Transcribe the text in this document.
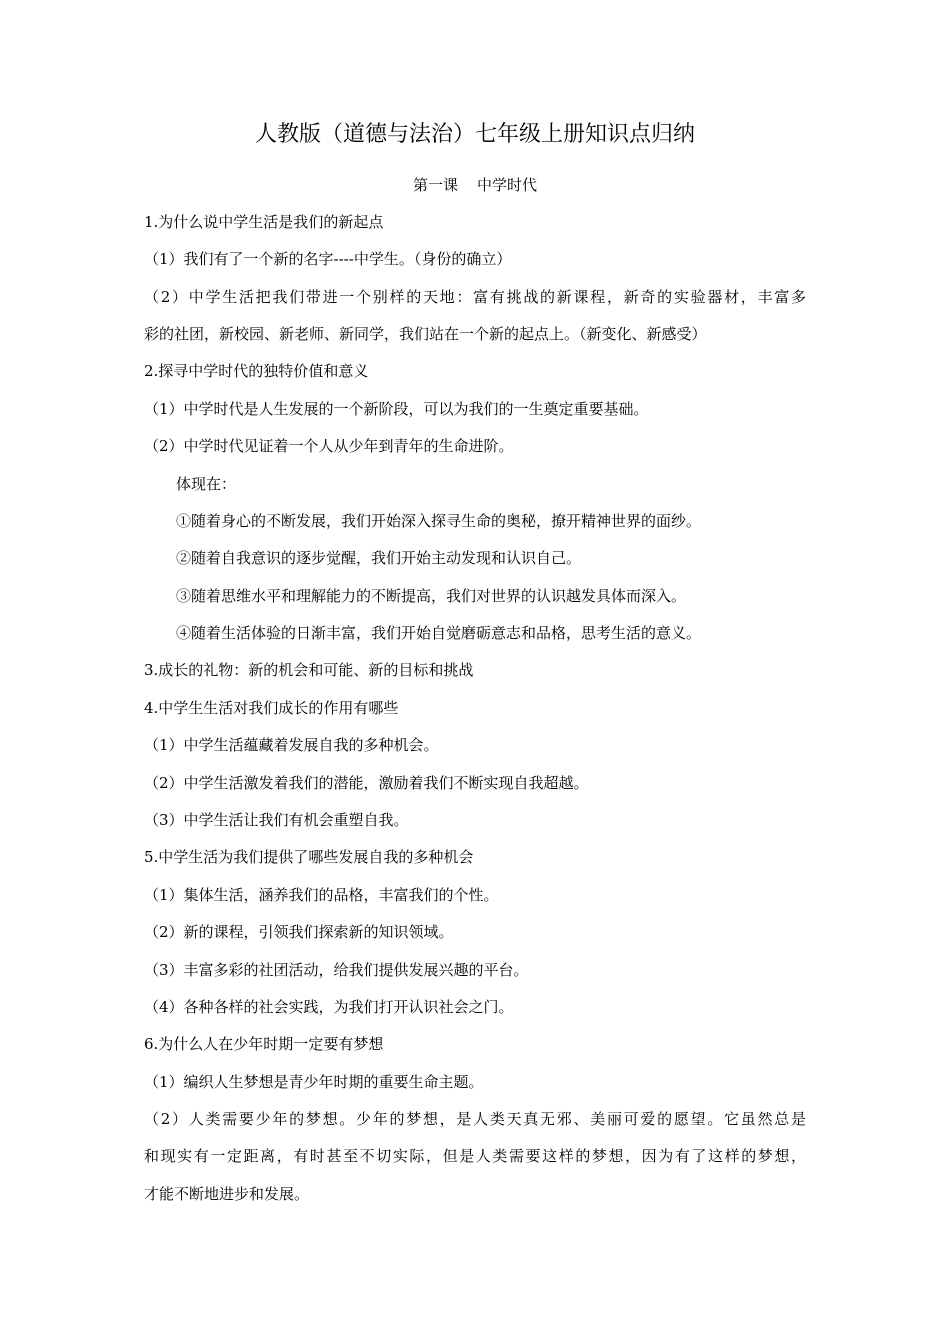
人教版（道德与法治）七年级上册知识点归纳
第一课    中学时代
1.为什么说中学生活是我们的新起点
（1）我们有了一个新的名字----中学生。（身份的确立）
（2）中学生活把我们带进一个别样的天地：富有挑战的新课程，新奇的实验器材，丰富多
彩的社团，新校园、新老师、新同学，我们站在一个新的起点上。（新变化、新感受）
2.探寻中学时代的独特价值和意义
（1）中学时代是人生发展的一个新阶段，可以为我们的一生奠定重要基础。
（2）中学时代见证着一个人从少年到青年的生命进阶。
体现在：
①随着身心的不断发展，我们开始深入探寻生命的奥秘，撩开精神世界的面纱。
②随着自我意识的逐步觉醒，我们开始主动发现和认识自己。
③随着思维水平和理解能力的不断提高，我们对世界的认识越发具体而深入。
④随着生活体验的日渐丰富，我们开始自觉磨砺意志和品格，思考生活的意义。
3.成长的礼物：新的机会和可能、新的目标和挑战
4.中学生生活对我们成长的作用有哪些
（1）中学生活蕴藏着发展自我的多种机会。
（2）中学生活激发着我们的潜能，激励着我们不断实现自我超越。
（3）中学生活让我们有机会重塑自我。
5.中学生活为我们提供了哪些发展自我的多种机会
（1）集体生活，涵养我们的品格，丰富我们的个性。
（2）新的课程，引领我们探索新的知识领域。
（3）丰富多彩的社团活动，给我们提供发展兴趣的平台。
（4）各种各样的社会实践，为我们打开认识社会之门。
6.为什么人在少年时期一定要有梦想
（1）编织人生梦想是青少年时期的重要生命主题。
（2）人类需要少年的梦想。少年的梦想，是人类天真无邪、美丽可爱的愿望。它虽然总是
和现实有一定距离，有时甚至不切实际，但是人类需要这样的梦想，因为有了这样的梦想，
才能不断地进步和发展。
